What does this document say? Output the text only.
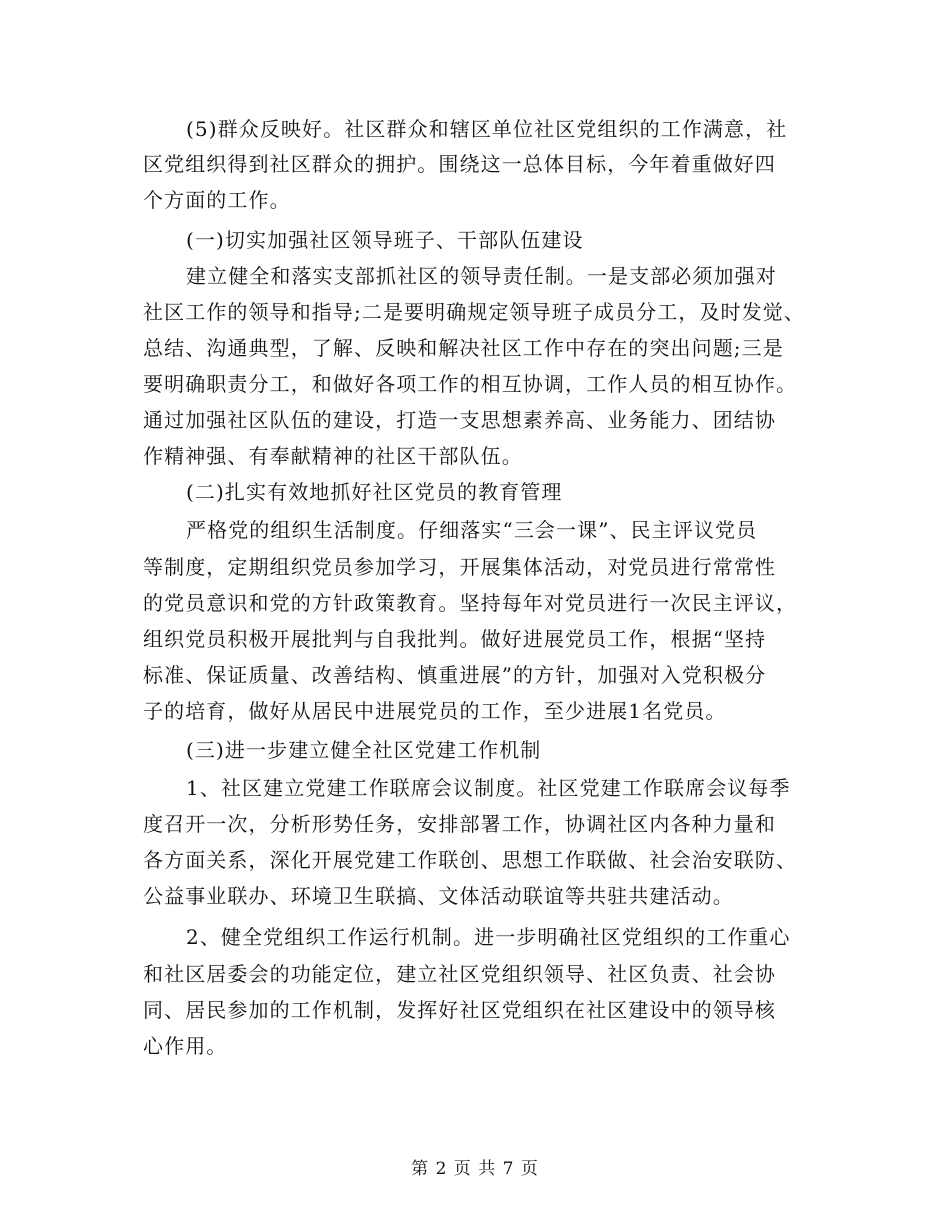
(5)群众反映好。社区群众和辖区单位社区党组织的工作满意，社
区党组织得到社区群众的拥护。围绕这一总体目标，今年着重做好四
个方面的工作。
(一)切实加强社区领导班子、干部队伍建设
建立健全和落实支部抓社区的领导责任制。一是支部必须加强对
社区工作的领导和指导;二是要明确规定领导班子成员分工，及时发觉、
总结、沟通典型，了解、反映和解决社区工作中存在的突出问题;三是
要明确职责分工，和做好各项工作的相互协调，工作人员的相互协作。
通过加强社区队伍的建设，打造一支思想素养高、业务能力、团结协
作精神强、有奉献精神的社区干部队伍。
(二)扎实有效地抓好社区党员的教育管理
严格党的组织生活制度。仔细落实“三会一课”、民主评议党员
等制度，定期组织党员参加学习，开展集体活动，对党员进行常常性
的党员意识和党的方针政策教育。坚持每年对党员进行一次民主评议，
组织党员积极开展批判与自我批判。做好进展党员工作，根据“坚持
标准、保证质量、改善结构、慎重进展”的方针，加强对入党积极分
子的培育，做好从居民中进展党员的工作，至少进展1名党员。
(三)进一步建立健全社区党建工作机制
1、社区建立党建工作联席会议制度。社区党建工作联席会议每季
度召开一次，分析形势任务，安排部署工作，协调社区内各种力量和
各方面关系，深化开展党建工作联创、思想工作联做、社会治安联防、
公益事业联办、环境卫生联搞、文体活动联谊等共驻共建活动。
2、健全党组织工作运行机制。进一步明确社区党组织的工作重心
和社区居委会的功能定位，建立社区党组织领导、社区负责、社会协
同、居民参加的工作机制，发挥好社区党组织在社区建设中的领导核
心作用。
第 2 页 共 7 页
